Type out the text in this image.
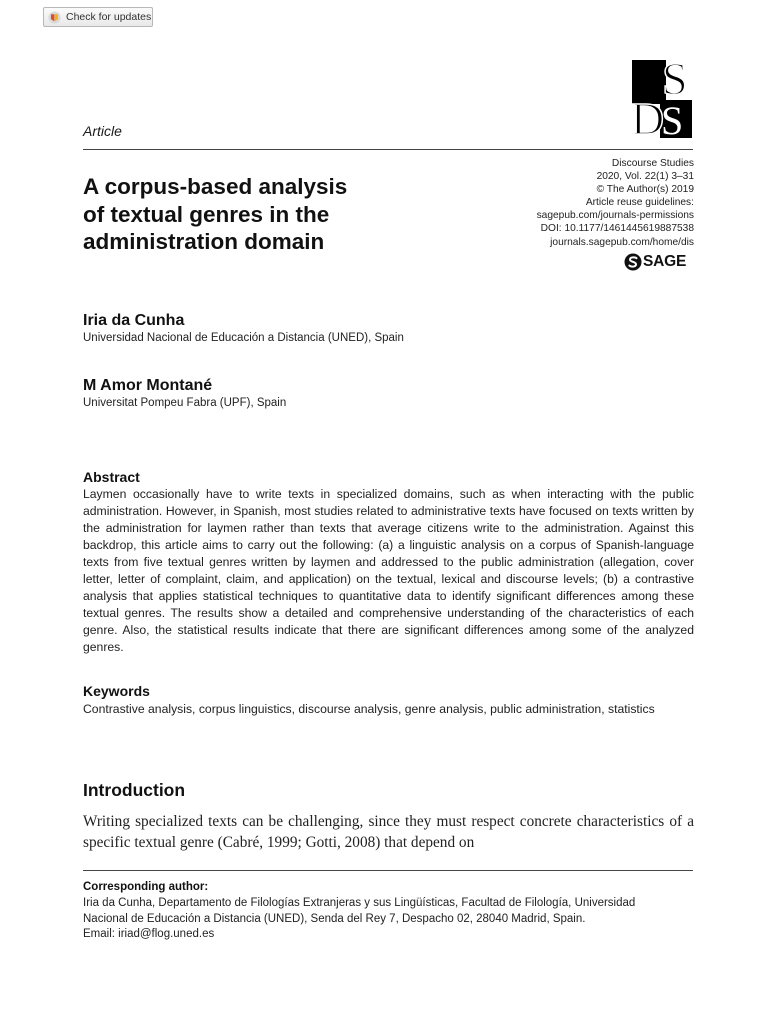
Check for updates
S
D
S
Article
A corpus-based analysis
of textual genres in the
administration domain
Discourse Studies
2020, Vol. 22(1) 3–31
© The Author(s) 2019
Article reuse guidelines:
sagepub.com/journals-permissions
DOI: 10.1177/1461445619887538
journals.sagepub.com/home/dis
SAGE
Iria da Cunha
Universidad Nacional de Educación a Distancia (UNED), Spain
M Amor Montané
Universitat Pompeu Fabra (UPF), Spain
Abstract

Laymen occasionally have to write texts in specialized domains, such as when interacting with the public administration. However, in Spanish, most studies related to administrative texts have focused on texts written by the administration for laymen rather than texts that average citizens write to the administration. Against this backdrop, this article aims to carry out the following: (a) a linguistic analysis on a corpus of Spanish-language texts from five textual genres written by laymen and addressed to the public administration (allegation, cover letter, letter of complaint, claim, and application) on the textual, lexical and discourse levels; (b) a contrastive analysis that applies statistical techniques to quantitative data to identify significant differences among these textual genres. The results show a detailed and comprehensive understanding of the characteristics of each genre. Also, the statistical results indicate that there are significant differences among some of the analyzed genres.

Keywords

Contrastive analysis, corpus linguistics, discourse analysis, genre analysis, public administration, statistics

Introduction

Writing specialized texts can be challenging, since they must respect concrete characteristics of a specific textual genre (Cabré, 1999; Gotti, 2008) that depend on

Corresponding author:
Iria da Cunha, Departamento de Filologías Extranjeras y sus Lingüísticas, Facultad de Filología, Universidad
Nacional de Educación a Distancia (UNED), Senda del Rey 7, Despacho 02, 28040 Madrid, Spain.
Email: iriad@flog.uned.es
